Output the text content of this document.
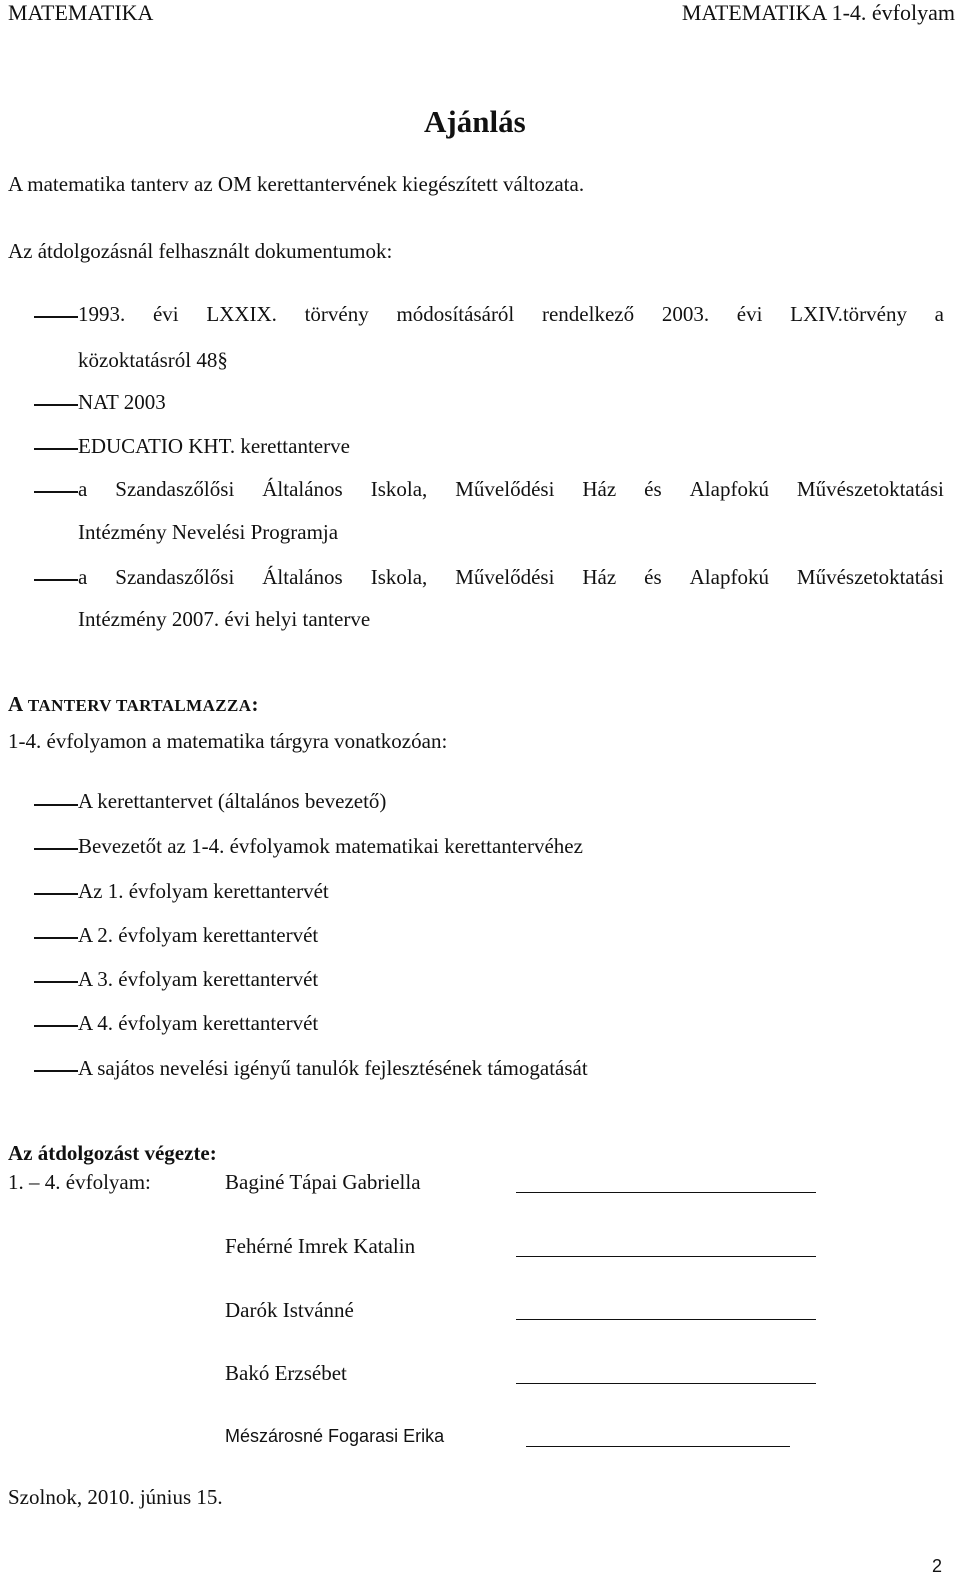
MATEMATIKA	MATEMATIKA 1-4. évfolyam
Ajánlás
A matematika tanterv az OM kerettantervének kiegészített változata.
Az átdolgozásnál felhasznált dokumentumok:
1993. évi LXXIX. törvény módosításáról rendelkező 2003. évi LXIV.törvény a
közoktatásról 48§
NAT 2003
EDUCATIO KHT. kerettanterve
a Szandaszőlősi Általános Iskola, Művelődési Ház és Alapfokú Művészetoktatási
Intézmény Nevelési Programja
a Szandaszőlősi Általános Iskola, Művelődési Ház és Alapfokú Művészetoktatási
Intézmény 2007. évi helyi tanterve
A TANTERV TARTALMAZZA:
1-4. évfolyamon a matematika tárgyra vonatkozóan:
A kerettantervet (általános bevezető)
Bevezetőt az 1-4. évfolyamok matematikai kerettantervéhez
Az 1. évfolyam kerettantervét
A 2. évfolyam kerettantervét
A 3. évfolyam kerettantervét
A 4. évfolyam kerettantervét
A sajátos nevelési igényű tanulók fejlesztésének támogatását
Az átdolgozást végezte:
1. – 4. évfolyam:	Baginé Tápai Gabriella
Fehérné Imrek Katalin
Darók Istvánné
Bakó Erzsébet
Mészárosné Fogarasi Erika
Szolnok, 2010. június 15.
2
